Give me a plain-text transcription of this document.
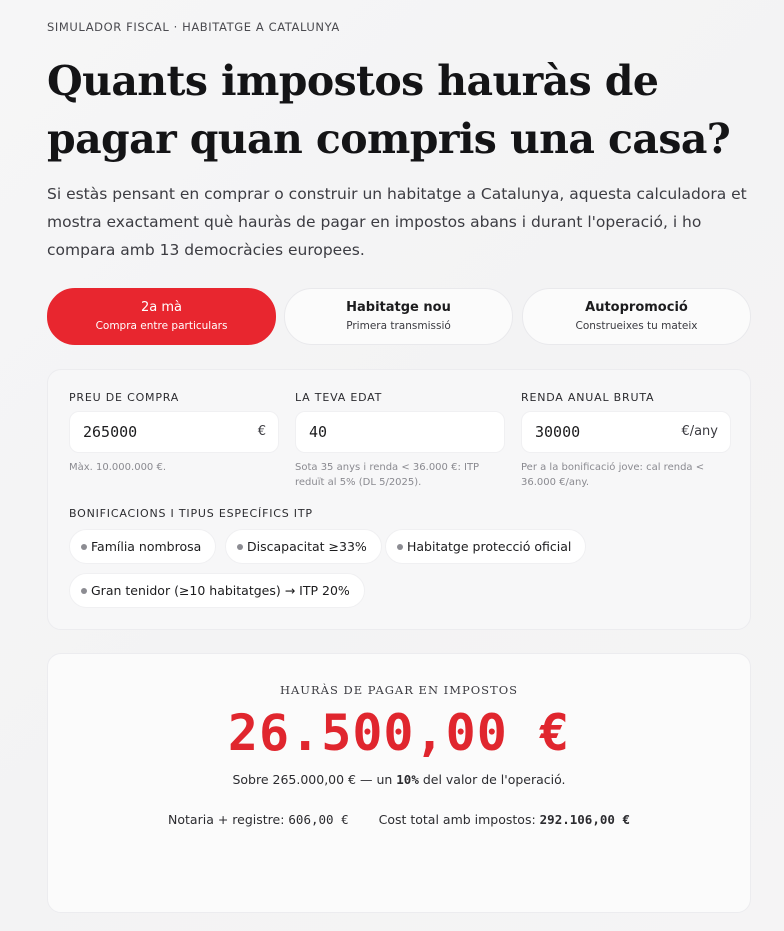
SIMULADOR FISCAL · HABITATGE A CATALUNYA
Quants impostos hauràs de pagar quan compris una casa?

Si estàs pensant en comprar o construir un habitatge a Catalunya, aquesta calculadora et mostra exactament què hauràs de pagar en impostos abans i durant l'operació, i ho compara amb 13 democràcies europees.

2a mà
Compra entre particulars
Habitatge nou
Primera transmissió
Autopromoció
Construeixes tu mateix
PREU DE COMPRA
265000
€
Màx. 10.000.000 €.
LA TEVA EDAT
40
Sota 35 anys i renda < 36.000 €: ITP reduït al 5% (DL 5/2025).
RENDA ANUAL BRUTA
30000
€/any
Per a la bonificació jove: cal renda < 36.000 €/any.
BONIFICACIONS I TIPUS ESPECÍFICS ITP
Família nombrosa	Discapacitat ≥33%	Habitatge protecció oficial
Gran tenidor (≥10 habitatges) → ITP 20%
HAURÀS DE PAGAR EN IMPOSTOS
26.500,00 €
Sobre 265.000,00 € — un 10% del valor de l'operació.
Notaria + registre: 606,00 € Cost total amb impostos: 292.106,00 €
